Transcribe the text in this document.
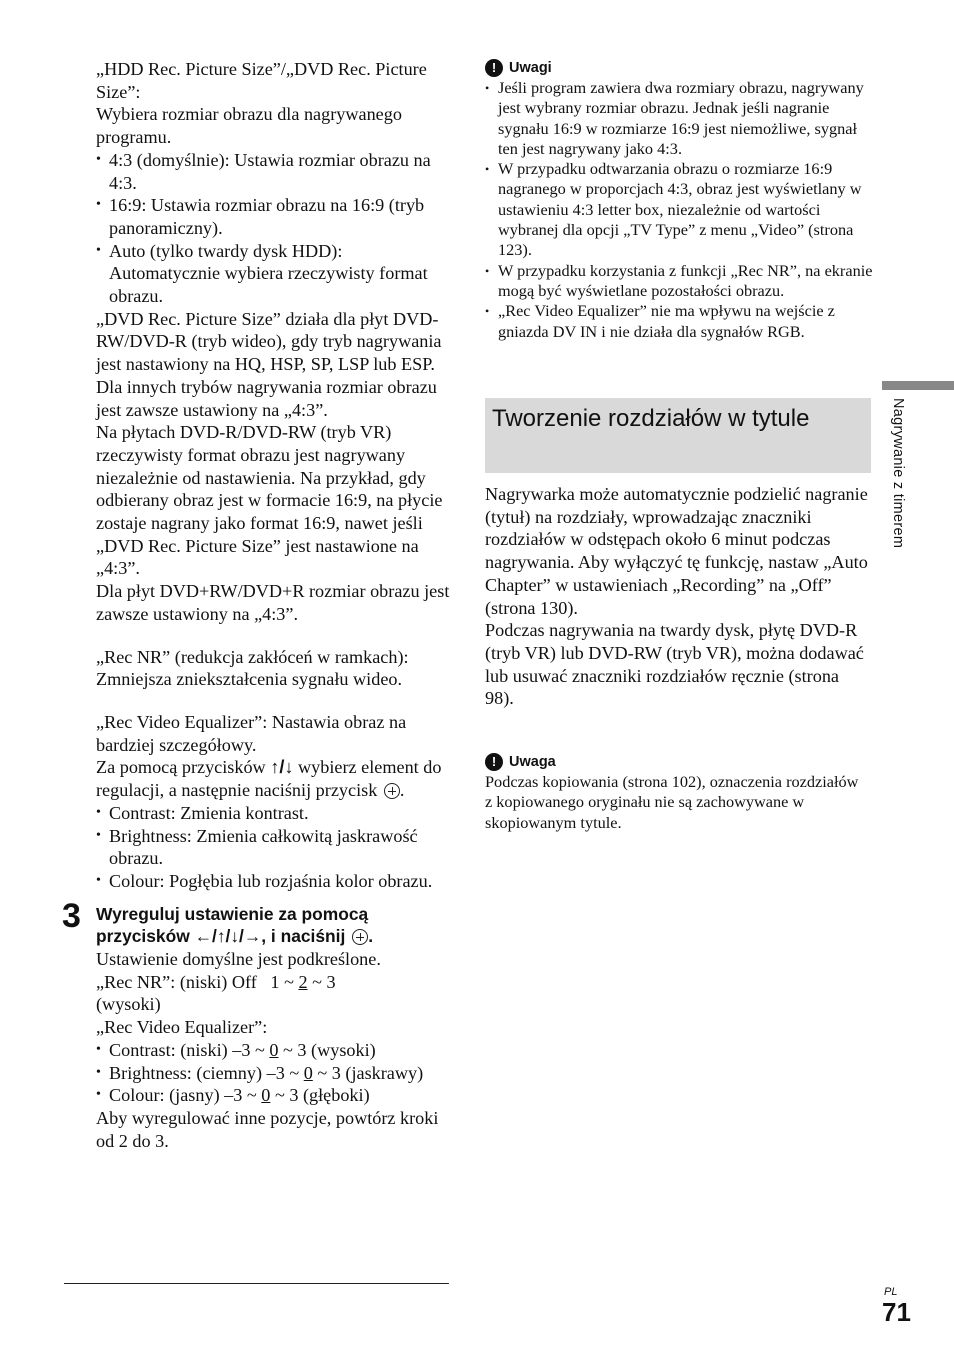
„HDD Rec. Picture Size”/„DVD Rec. Picture Size”:

Wybiera rozmiar obrazu dla nagrywanego programu.

• 4:3 (domyślnie): Ustawia rozmiar obrazu na 4:3.

• 16:9: Ustawia rozmiar obrazu na 16:9 (tryb panoramiczny).

• Auto (tylko twardy dysk HDD): Automatycznie wybiera rzeczywisty format obrazu.

„DVD Rec. Picture Size” działa dla płyt DVD-RW/DVD-R (tryb wideo), gdy tryb nagrywania jest nastawiony na HQ, HSP, SP, LSP lub ESP. Dla innych trybów nagrywania rozmiar obrazu jest zawsze ustawiony na „4:3”.

Na płytach DVD-R/DVD-RW (tryb VR) rzeczywisty format obrazu jest nagrywany niezależnie od nastawienia. Na przykład, gdy odbierany obraz jest w formacie 16:9, na płycie zostaje nagrany jako format 16:9, nawet jeśli „DVD Rec. Picture Size” jest nastawione na „4:3”.

Dla płyt DVD+RW/DVD+R rozmiar obrazu jest zawsze ustawiony na „4:3”.

„Rec NR” (redukcja zakłóceń w ramkach): Zmniejsza zniekształcenia sygnału wideo.

„Rec Video Equalizer”: Nastawia obraz na bardziej szczegółowy.

Za pomocą przycisków ↑/↓ wybierz element do regulacji, a następnie naciśnij przycisk .

• Contrast: Zmienia kontrast.

• Brightness: Zmienia całkowitą jaskrawość obrazu.

• Colour: Pogłębia lub rozjaśnia kolor obrazu.

3 Wyreguluj ustawienie za pomocą przycisków ←/↑/↓/→, i naciśnij .

Ustawienie domyślne jest podkreślone.

„Rec NR”: (niski) Off   1 ~ 2 ~ 3

(wysoki)

„Rec Video Equalizer”:

• Contrast: (niski) –3 ~ 0 ~ 3 (wysoki)

• Brightness: (ciemny) –3 ~ 0 ~ 3 (jaskrawy)

• Colour: (jasny) –3 ~ 0 ~ 3 (głęboki)

Aby wyregulować inne pozycje, powtórz kroki od 2 do 3.

! Uwagi
• Jeśli program zawiera dwa rozmiary obrazu, nagrywany jest wybrany rozmiar obrazu. Jednak jeśli nagranie sygnału 16:9 w rozmiarze 16:9 jest niemożliwe, sygnał ten jest nagrywany jako 4:3.
• W przypadku odtwarzania obrazu o rozmiarze 16:9 nagranego w proporcjach 4:3, obraz jest wyświetlany w ustawieniu 4:3 letter box, niezależnie od wartości wybranej dla opcji „TV Type” z menu „Video” (strona 123).
• W przypadku korzystania z funkcji „Rec NR”, na ekranie mogą być wyświetlane pozostałości obrazu.
• „Rec Video Equalizer” nie ma wpływu na wejście z gniazda DV IN i nie działa dla sygnałów RGB.
Tworzenie rozdziałów w tytule

Nagrywarka może automatycznie podzielić nagranie (tytuł) na rozdziały, wprowadzając znaczniki rozdziałów w odstępach około 6 minut podczas nagrywania. Aby wyłączyć tę funkcję, nastaw „Auto Chapter” w ustawieniach „Recording” na „Off” (strona 130).

Podczas nagrywania na twardy dysk, płytę DVD-R (tryb VR) lub DVD-RW (tryb VR), można dodawać lub usuwać znaczniki rozdziałów ręcznie (strona 98).

! Uwaga
Podczas kopiowania (strona 102), oznaczenia rozdziałów z kopiowanego oryginału nie są zachowywane w skopiowanym tytule.
Nagrywanie z timerem
PL
71
